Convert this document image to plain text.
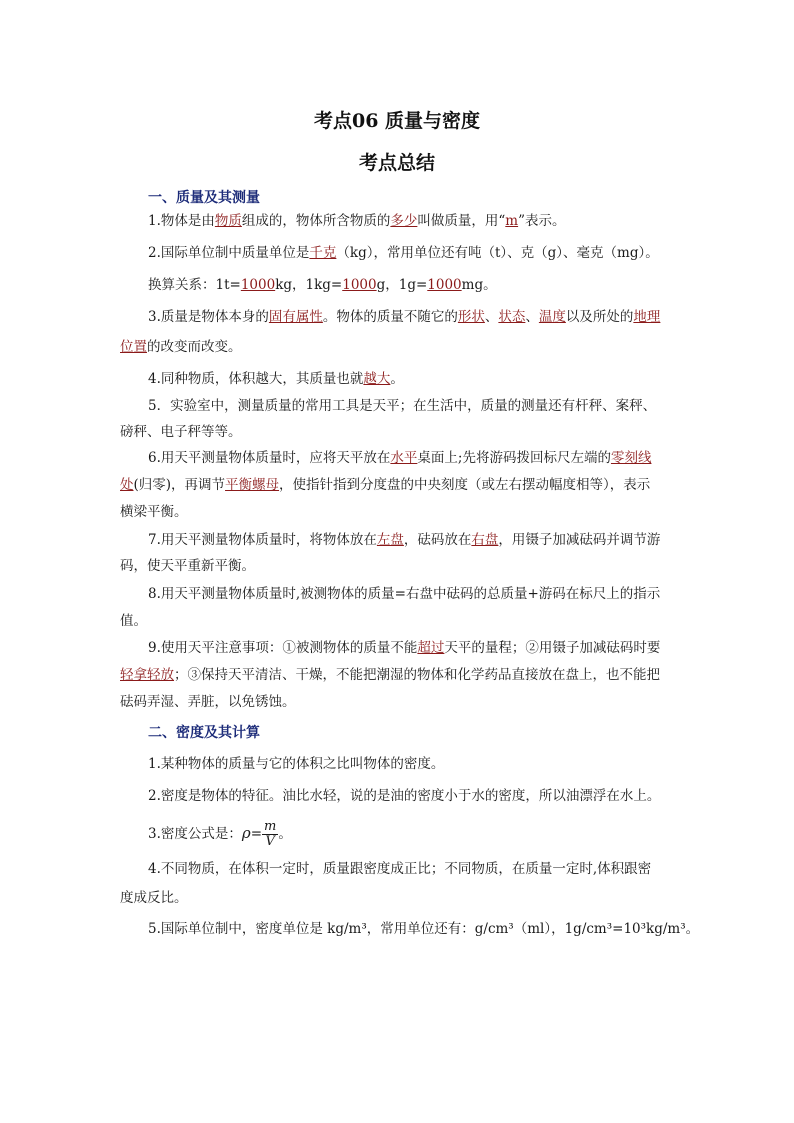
考点06 质量与密度
考点总结
一、质量及其测量
1.物体是由物质组成的，物体所含物质的多少叫做质量，用“m”表示。
2.国际单位制中质量单位是千克（kg），常用单位还有吨（t）、克（g）、毫克（mg）。
换算关系：1t=1000kg，1kg=1000g，1g=1000mg。
3.质量是物体本身的固有属性。物体的质量不随它的形状、状态、温度以及所处的地理
位置的改变而改变。
4.同种物质，体积越大，其质量也就越大。
5．实验室中，测量质量的常用工具是天平；在生活中，质量的测量还有杆秤、案秤、
磅秤、电子秤等等。
6.用天平测量物体质量时，应将天平放在水平桌面上;先将游码拨回标尺左端的零刻线
处(归零)，再调节平衡螺母，使指针指到分度盘的中央刻度（或左右摆动幅度相等），表示
横梁平衡。
7.用天平测量物体质量时，将物体放在左盘，砝码放在右盘，用镊子加减砝码并调节游
码，使天平重新平衡。
8.用天平测量物体质量时,被测物体的质量=右盘中砝码的总质量+游码在标尺上的指示
值。
9.使用天平注意事项：①被测物体的质量不能超过天平的量程；②用镊子加减砝码时要
轻拿轻放；③保持天平清洁、干燥，不能把潮湿的物体和化学药品直接放在盘上，也不能把
砝码弄湿、弄脏，以免锈蚀。
二、密度及其计算
1.某种物体的质量与它的体积之比叫物体的密度。
2.密度是物体的特征。油比水轻，说的是油的密度小于水的密度，所以油漂浮在水上。
3.密度公式是：$\rho= \frac{m}{V}$ 。
4.不同物质，在体积一定时，质量跟密度成正比；不同物质，在质量一定时,体积跟密
度成反比。
5.国际单位制中，密度单位是 kg/m³，常用单位还有：g/cm³（ml），1g/cm³=10³kg/m³。
